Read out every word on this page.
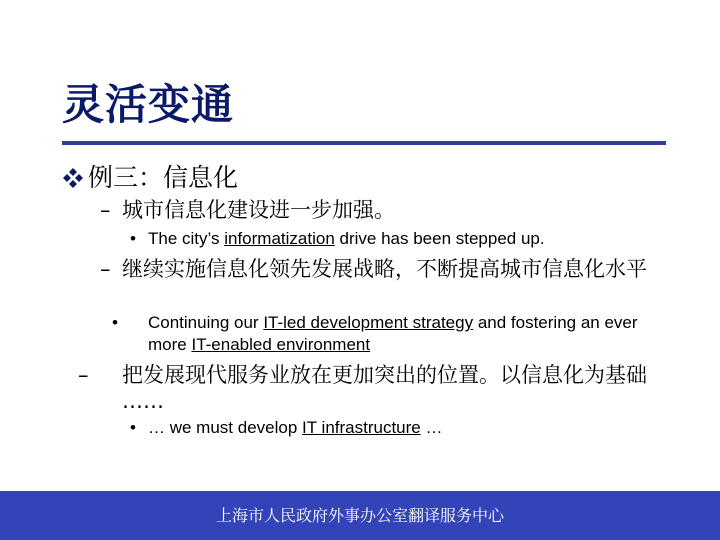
灵活变通
例三：信息化
– 城市信息化建设进一步加强。
• The city’s informatization drive has been stepped up.
– 继续实施信息化领先发展战略，不断提高城市信息化水平
• Continuing our IT-led development strategy and fostering an ever more IT-enabled environment
– 把发展现代服务业放在更加突出的位置。以信息化为基础 ……
• … we must develop IT infrastructure …
上海市人民政府外事办公室翻译服务中心
